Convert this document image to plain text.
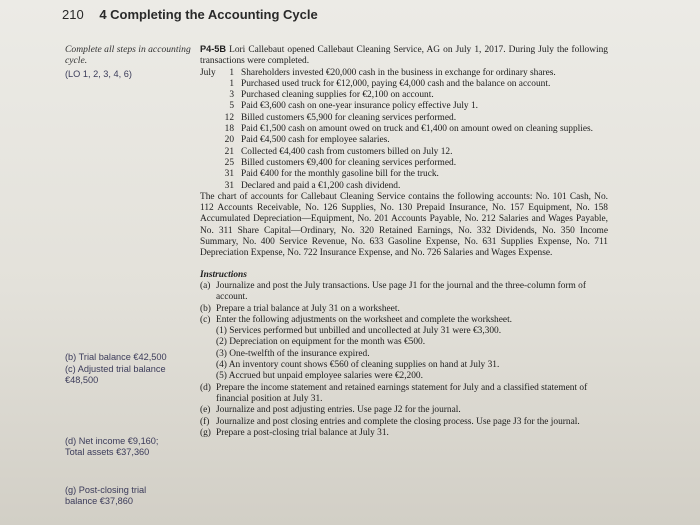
210 4 Completing the Accounting Cycle
Complete all steps in accounting cycle.
(LO 1, 2, 3, 4, 6)
(b) Trial balance €42,500
(c) Adjusted trial balance €48,500
(d) Net income €9,160; Total assets €37,360
(g) Post-closing trial balance €37,860

P4-5B Lori Callebaut opened Callebaut Cleaning Service, AG on July 1, 2017. During July the following transactions were completed.

July	1 Shareholders invested €20,000 cash in the business in exchange for ordinary shares.
1 Purchased used truck for €12,000, paying €4,000 cash and the balance on account.
3 Purchased cleaning supplies for €2,100 on account.
5 Paid €3,600 cash on one-year insurance policy effective July 1.
12 Billed customers €5,900 for cleaning services performed.
18 Paid €1,500 cash on amount owed on truck and €1,400 on amount owed on cleaning supplies.
20 Paid €4,500 cash for employee salaries.
21 Collected €4,400 cash from customers billed on July 12.
25 Billed customers €9,400 for cleaning services performed.
31 Paid €400 for the monthly gasoline bill for the truck.
31 Declared and paid a €1,200 cash dividend.

The chart of accounts for Callebaut Cleaning Service contains the following accounts: No. 101 Cash, No. 112 Accounts Receivable, No. 126 Supplies, No. 130 Prepaid Insurance, No. 157 Equipment, No. 158 Accumulated Depreciation—Equipment, No. 201 Accounts Payable, No. 212 Salaries and Wages Payable, No. 311 Share Capital—Ordinary, No. 320 Retained Earnings, No. 332 Dividends, No. 350 Income Summary, No. 400 Service Revenue, No. 633 Gasoline Expense, No. 631 Supplies Expense, No. 711 Depreciation Expense, No. 722 Insurance Expense, and No. 726 Salaries and Wages Expense.

Instructions
(a) Journalize and post the July transactions. Use page J1 for the journal and the three-column form of account.
(b) Prepare a trial balance at July 31 on a worksheet.
(c) Enter the following adjustments on the worksheet and complete the worksheet.
(1) Services performed but unbilled and uncollected at July 31 were €3,300.
(2) Depreciation on equipment for the month was €500.
(3) One-twelfth of the insurance expired.
(4) An inventory count shows €560 of cleaning supplies on hand at July 31.
(5) Accrued but unpaid employee salaries were €2,200.
(d) Prepare the income statement and retained earnings statement for July and a classified statement of financial position at July 31.
(e) Journalize and post adjusting entries. Use page J2 for the journal.
(f) Journalize and post closing entries and complete the closing process. Use page J3 for the journal.
(g) Prepare a post-closing trial balance at July 31.
